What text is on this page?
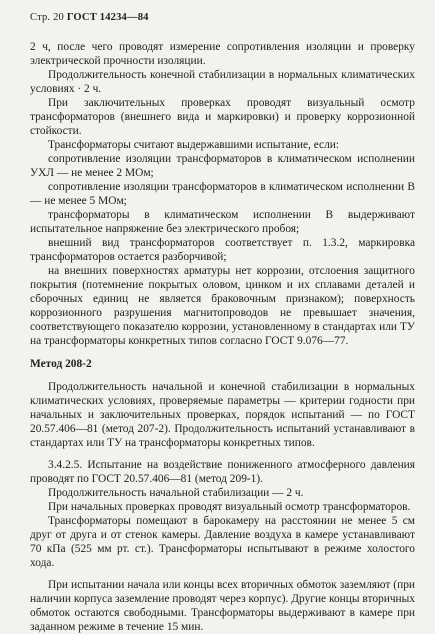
Стр. 20 ГОСТ 14234—84

2 ч, после чего проводят измерение сопротивления изоляции и проверку электрической прочности изоляции.

Продолжительность конечной стабилизации в нормальных климатических условиях · 2 ч.

При заключительных проверках проводят визуальный осмотр трансформаторов (внешнего вида и маркировки) и проверку коррозионной стойкости.

Трансформаторы считают выдержавшими испытание, если:

сопротивление изоляции трансформаторов в климатическом исполнении УХЛ — не менее 2 МОм;

сопротивление изоляции трансформаторов в климатическом исполнении В — не менее 5 МОм;

трансформаторы в климатическом исполнении В выдерживают испытательное напряжение без электрического пробоя;

внешний вид трансформаторов соответствует п. 1.3.2, маркировка трансформаторов остается разборчивой;

на внешних поверхностях арматуры нет коррозии, отслоения защитного покрытия (потемнение покрытых оловом, цинком и их сплавами деталей и сборочных единиц не является браковочным признаком); поверхность коррозионного разрушения магнитопроводов не превышает значения, соответствующего показателю коррозии, установленному в стандартах или ТУ на трансформаторы конкретных типов согласно ГОСТ 9.076—77.

Метод 208-2

Продолжительность начальной и конечной стабилизации в нормальных климатических условиях, проверяемые параметры — критерии годности при начальных и заключительных проверках, порядок испытаний — по ГОСТ 20.57.406—81 (метод 207-2). Продолжительность испытаний устанавливают в стандартах или ТУ на трансформаторы конкретных типов.

3.4.2.5. Испытание на воздействие пониженного атмосферного давления проводят по ГОСТ 20.57.406—81 (метод 209-1).

Продолжительность начальной стабилизации — 2 ч.

При начальных проверках проводят визуальный осмотр трансформаторов.

Трансформаторы помещают в барокамеру на расстоянии не менее 5 см друг от друга и от стенок камеры. Давление воздуха в камере устанавливают 70 кПа (525 мм рт. ст.). Трансформаторы испытывают в режиме холостого хода.

При испытании начала или концы всех вторичных обмоток заземляют (при наличии корпуса заземление проводят через корпус). Другие концы вторичных обмоток остаются свободными. Трансформаторы выдерживают в камере при заданном режиме в течение 15 мин.
